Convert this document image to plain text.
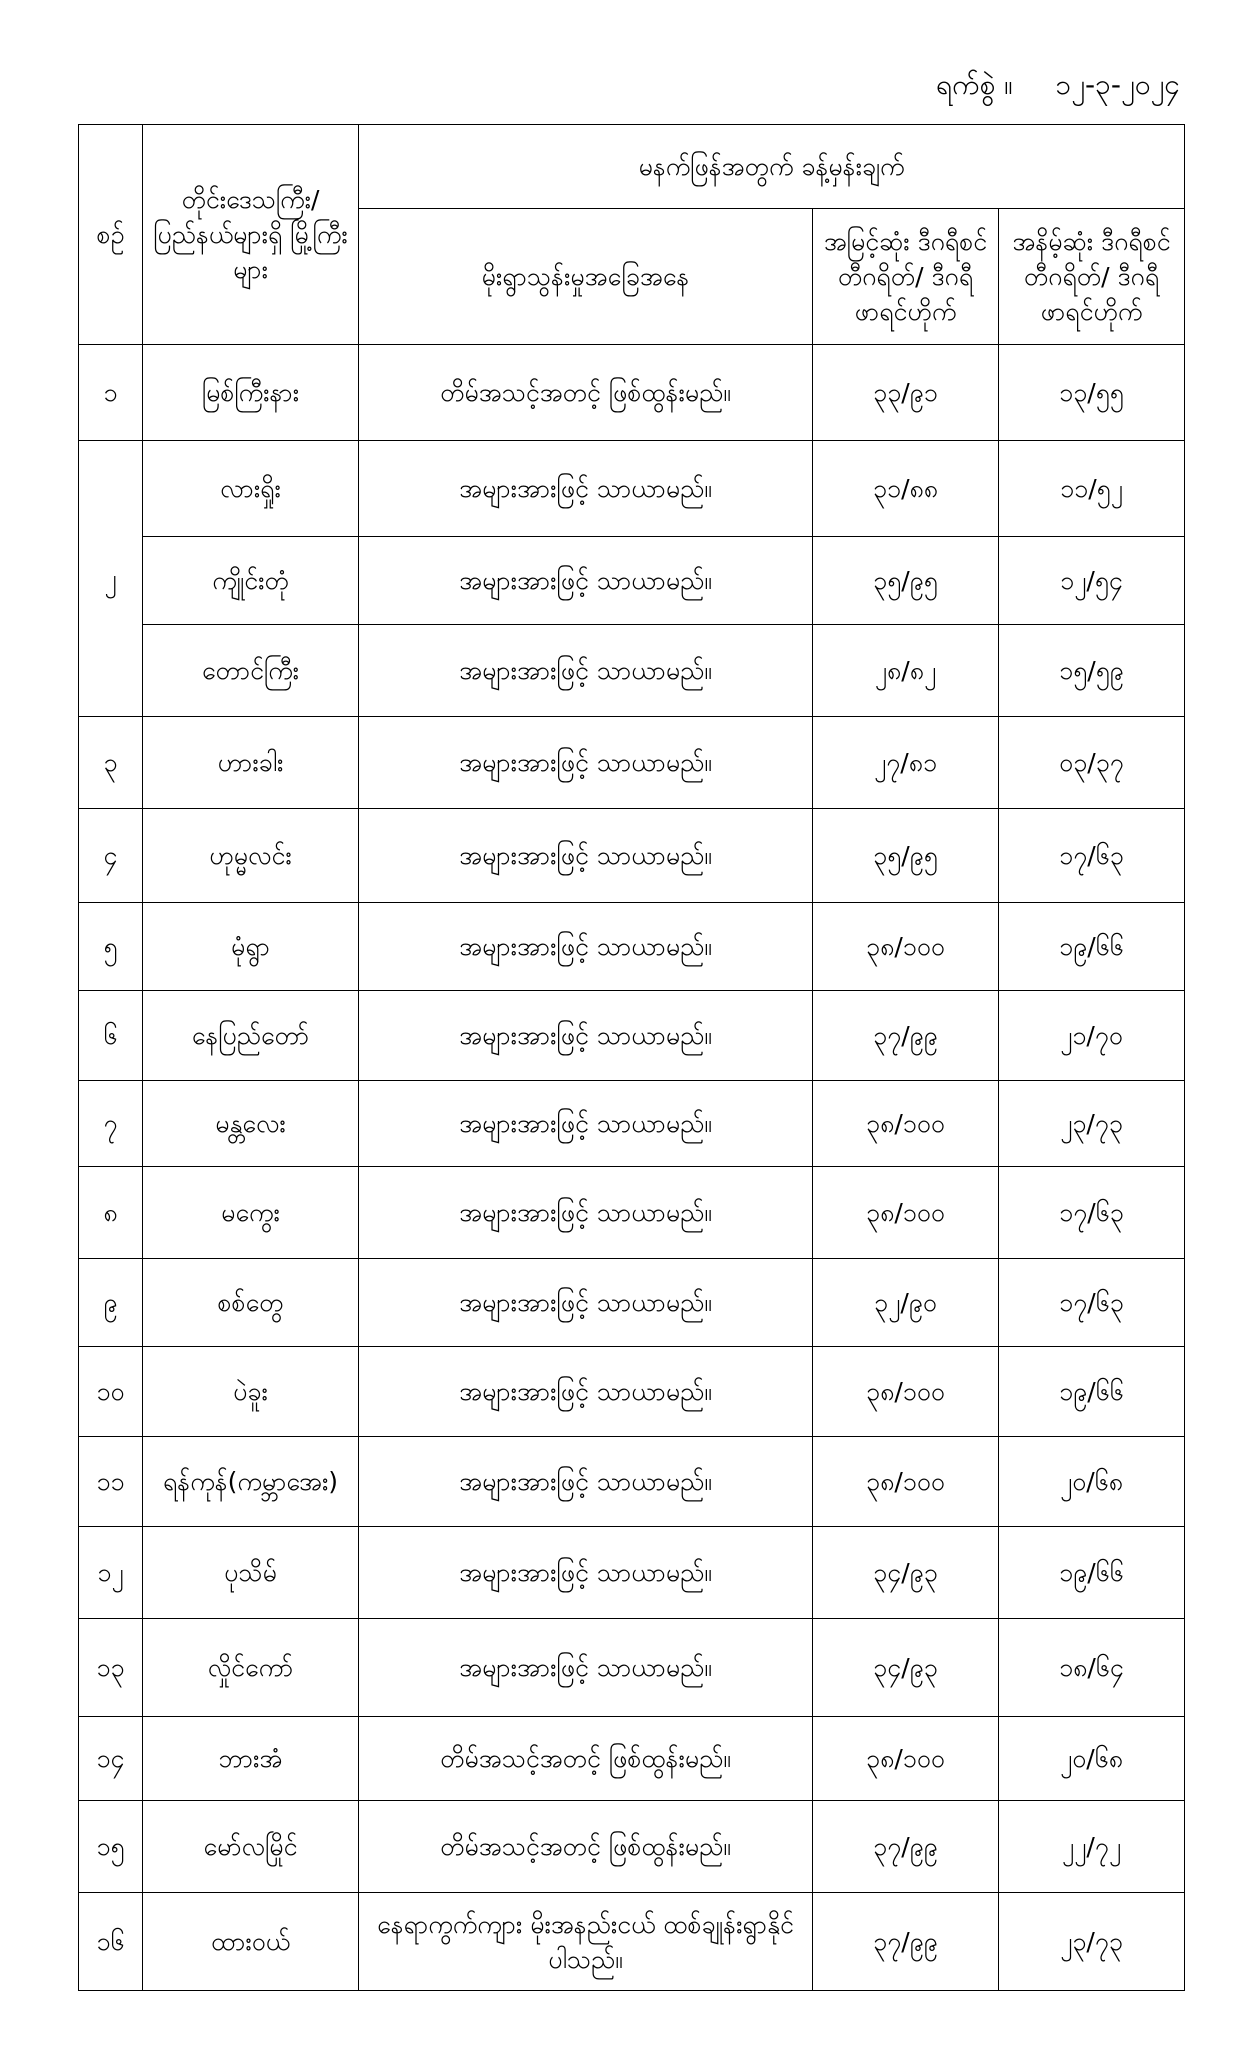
ရက်စွဲ ။ ၁၂-၃-၂၀၂၄
စဉ်	တိုင်းဒေသကြီး/ ပြည်နယ်များရှိ မြို့ကြီးများ	မနက်ဖြန်အတွက် ခန့်မှန်းချက်		
		မိုးရွာသွန်းမှုအခြေအနေ	အမြင့်ဆုံး ဒီဂရီစင်တီဂရိတ်/ ဒီဂရီဖာရင်ဟိုက်	အနိမ့်ဆုံး ဒီဂရီစင်တီဂရိတ်/ ဒီဂရီဖာရင်ဟိုက်
၁	မြစ်ကြီးနား	တိမ်အသင့်အတင့် ဖြစ်ထွန်းမည်။	၃၃/၉၁	၁၃/၅၅
၂	လားရှိုး	အများအားဖြင့် သာယာမည်။	၃၁/၈၈	၁၁/၅၂
	ကျိုင်းတုံ	အများအားဖြင့် သာယာမည်။	၃၅/၉၅	၁၂/၅၄
	တောင်ကြီး	အများအားဖြင့် သာယာမည်။	၂၈/၈၂	၁၅/၅၉
၃	ဟားခါး	အများအားဖြင့် သာယာမည်။	၂၇/၈၁	၀၃/၃၇
၄	ဟုမ္မလင်း	အများအားဖြင့် သာယာမည်။	၃၅/၉၅	၁၇/၆၃
၅	မုံရွာ	အများအားဖြင့် သာယာမည်။	၃၈/၁၀၀	၁၉/၆၆
၆	နေပြည်တော်	အများအားဖြင့် သာယာမည်။	၃၇/၉၉	၂၁/၇၀
၇	မန္တလေး	အများအားဖြင့် သာယာမည်။	၃၈/၁၀၀	၂၃/၇၃
၈	မကွေး	အများအားဖြင့် သာယာမည်။	၃၈/၁၀၀	၁၇/၆၃
၉	စစ်တွေ	အများအားဖြင့် သာယာမည်။	၃၂/၉၀	၁၇/၆၃
၁၀	ပဲခူး	အများအားဖြင့် သာယာမည်။	၃၈/၁၀၀	၁၉/၆၆
၁၁	ရန်ကုန်(ကမ္ဘာအေး)	အများအားဖြင့် သာယာမည်။	၃၈/၁၀၀	၂၀/၆၈
၁၂	ပုသိမ်	အများအားဖြင့် သာယာမည်။	၃၄/၉၃	၁၉/၆၆
၁၃	လှိုင်ကော်	အများအားဖြင့် သာယာမည်။	၃၄/၉၃	၁၈/၆၄
၁၄	ဘားအံ	တိမ်အသင့်အတင့် ဖြစ်ထွန်းမည်။	၃၈/၁၀၀	၂၀/၆၈
၁၅	မော်လမြိုင်	တိမ်အသင့်အတင့် ဖြစ်ထွန်းမည်။	၃၇/၉၉	၂၂/၇၂
၁၆	ထားဝယ်	နေရာကွက်ကျား မိုးအနည်းငယ် ထစ်ချုန်းရွာနိုင်ပါသည်။	၃၇/၉၉	၂၃/၇၃
